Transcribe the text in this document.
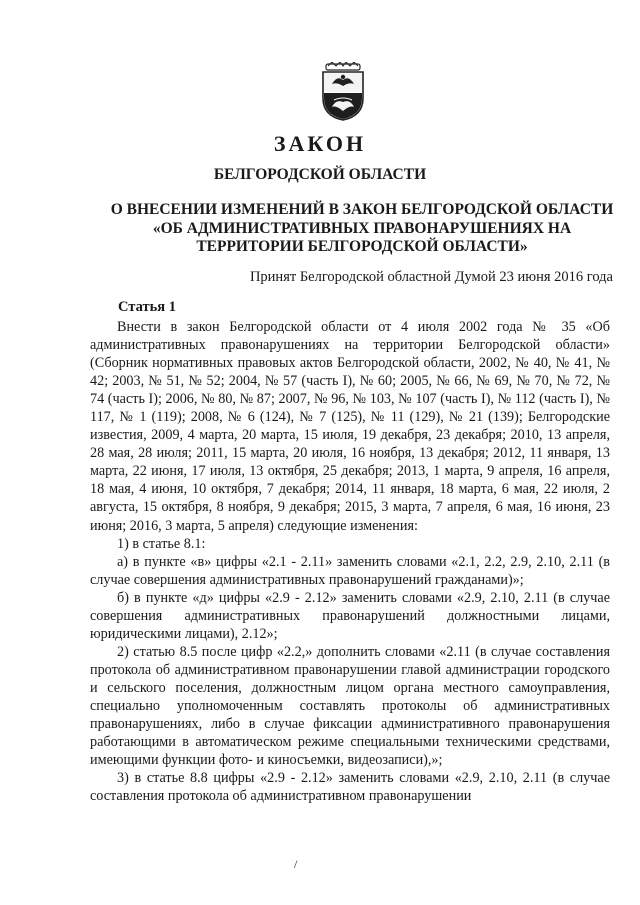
ЗАКОН
БЕЛГОРОДСКОЙ ОБЛАСТИ
О ВНЕСЕНИИ ИЗМЕНЕНИЙ В ЗАКОН БЕЛГОРОДСКОЙ ОБЛАСТИ
«ОБ АДМИНИСТРАТИВНЫХ ПРАВОНАРУШЕНИЯХ НА
ТЕРРИТОРИИ БЕЛГОРОДСКОЙ ОБЛАСТИ»
Принят Белгородской областной Думой 23 июня 2016 года
Статья 1

Внести в закон Белгородской области от 4 июля 2002 года № 35 «Об административных правонарушениях на территории Белгородской области» (Сборник нормативных правовых актов Белгородской области, 2002, № 40, № 41, № 42; 2003, № 51, № 52; 2004, № 57 (часть I), № 60; 2005, № 66, № 69, № 70, № 72, № 74 (часть I); 2006, № 80, № 87; 2007, № 96, № 103, № 107 (часть I), № 112 (часть I), № 117, № 1 (119); 2008, № 6 (124), № 7 (125), № 11 (129), № 21 (139); Белгородские известия, 2009, 4 марта, 20 марта, 15 июля, 19 декабря, 23 декабря; 2010, 13 апреля, 28 мая, 28 июля; 2011, 15 марта, 20 июля, 16 ноября, 13 декабря; 2012, 11 января, 13 марта, 22 июня, 17 июля, 13 октября, 25 декабря; 2013, 1 марта, 9 апреля, 16 апреля, 18 мая, 4 июня, 10 октября, 7 декабря; 2014, 11 января, 18 марта, 6 мая, 22 июля, 2 августа, 15 октября, 8 ноября, 9 декабря; 2015, 3 марта, 7 апреля, 6 мая, 16 июня, 23 июня; 2016, 3 марта, 5 апреля) следующие изменения:

1) в статье 8.1:

а) в пункте «в» цифры «2.1 - 2.11» заменить словами «2.1, 2.2, 2.9, 2.10, 2.11 (в случае совершения административных правонарушений гражданами)»;

б) в пункте «д» цифры «2.9 - 2.12» заменить словами «2.9, 2.10, 2.11 (в случае совершения административных правонарушений должностными лицами, юридическими лицами), 2.12»;

2) статью 8.5 после цифр «2.2,» дополнить словами «2.11 (в случае составления протокола об административном правонарушении главой администрации городского и сельского поселения, должностным лицом органа местного самоуправления, специально уполномоченным составлять протоколы об административных правонарушениях, либо в случае фиксации административного правонарушения работающими в автоматическом режиме специальными техническими средствами, имеющими функции фото- и киносъемки, видеозаписи),»;

3) в статье 8.8 цифры «2.9 - 2.12» заменить словами «2.9, 2.10, 2.11 (в случае составления протокола об административном правонарушении

/
